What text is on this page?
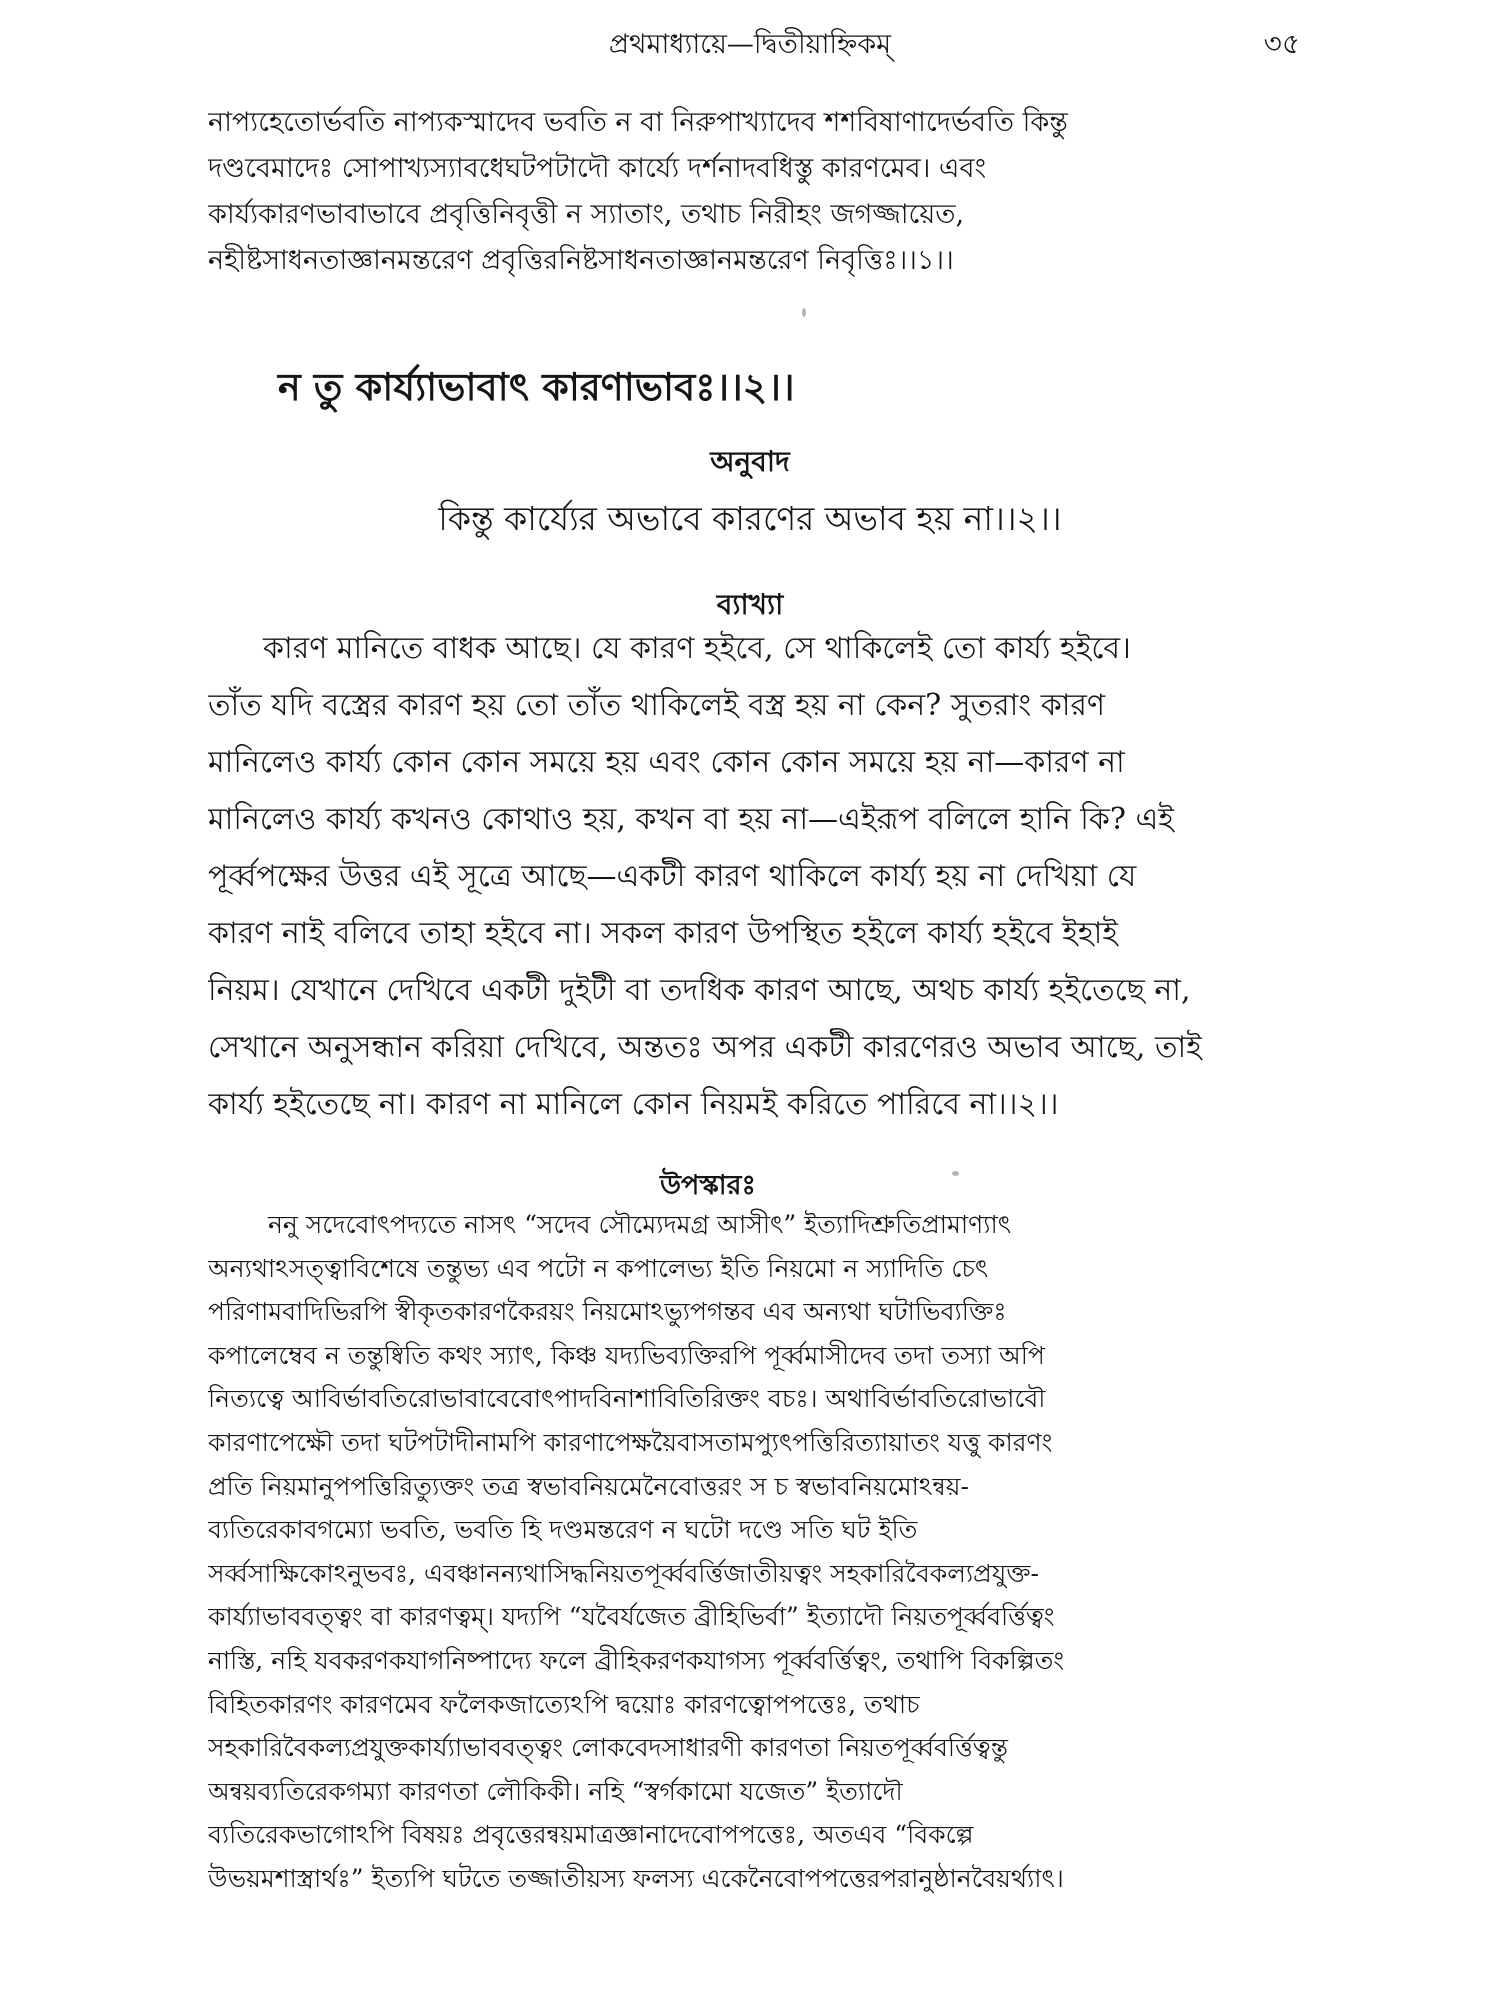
প্রথমাধ্যায়ে—দ্বিতীয়াহ্নিকম্	৩৫
নাপ্যহেতোর্ভবতি নাপ্যকস্মাদেব ভবতি ন বা নিরুপাখ্যাদেব শশবিষাণাদের্ভবতি কিন্তু
দণ্ডবেমাদেঃ সোপাখ্যস্যাবধেঘটপটাদৌ কার্য্যে দর্শনাদবধিস্তু কারণমেব। এবং
কার্য্যকারণভাবাভাবে প্রবৃত্তিনিবৃত্তী ন স্যাতাং, তথাচ নিরীহং জগজ্জায়েত,
নহীষ্টসাধনতাজ্ঞানমন্তরেণ প্রবৃত্তিরনিষ্টসাধনতাজ্ঞানমন্তরেণ নিবৃত্তিঃ।।১।।
ন তু কার্য্যাভাবাৎ কারণাভাবঃ।।২।।
অনুবাদ
কিন্তু কার্য্যের অভাবে কারণের অভাব হয় না।।২।।
ব্যাখ্যা
কারণ মানিতে বাধক আছে। যে কারণ হইবে, সে থাকিলেই তো কার্য্য হইবে।
তাঁত যদি বস্ত্রের কারণ হয় তো তাঁত থাকিলেই বস্ত্র হয় না কেন? সুতরাং কারণ
মানিলেও কার্য্য কোন কোন সময়ে হয় এবং কোন কোন সময়ে হয় না—কারণ না
মানিলেও কার্য্য কখনও কোথাও হয়, কখন বা হয় না—এইরূপ বলিলে হানি কি? এই
পূর্ব্বপক্ষের উত্তর এই সূত্রে আছে—একটী কারণ থাকিলে কার্য্য হয় না দেখিয়া যে
কারণ নাই বলিবে তাহা হইবে না। সকল কারণ উপস্থিত হইলে কার্য্য হইবে ইহাই
নিয়ম। যেখানে দেখিবে একটী দুইটী বা তদধিক কারণ আছে, অথচ কার্য্য হইতেছে না,
সেখানে অনুসন্ধান করিয়া দেখিবে, অন্ততঃ অপর একটী কারণেরও অভাব আছে, তাই
কার্য্য হইতেছে না। কারণ না মানিলে কোন নিয়মই করিতে পারিবে না।।২।।
উপস্কারঃ
ননু সদেবোৎপদ্যতে নাসৎ “সদেব সৌম্যেদমগ্র আসীৎ” ইত্যাদিশ্রুতিপ্রামাণ্যাৎ
অন্যথাঽসত্ত্বাবিশেষে তন্তুভ্য এব পটো ন কপালেভ্য ইতি নিয়মো ন স্যাদিতি চেৎ
পরিণামবাদিভিরপি স্বীকৃতকারণকৈরয়ং নিয়মোঽভ্যুপগন্তব এব অন্যথা ঘটাভিব্যক্তিঃ
কপালেম্বেব ন তন্তুষ্বিতি কথং স্যাৎ, কিঞ্চ যদ্যভিব্যক্তিরপি পূর্ব্বমাসীদেব তদা তস্যা অপি
নিত্যত্বে আবির্ভাবতিরোভাবাবেবোৎপাদবিনাশাবিতিরিক্তং বচঃ। অথাবির্ভাবতিরোভাবৌ
কারণাপেক্ষৌ তদা ঘটপটাদীনামপি কারণাপেক্ষয়ৈবাসতামপ্যুৎপত্তিরিত্যায়াতং যত্তু কারণং
প্রতি নিয়মানুপপত্তিরিত্যুক্তং তত্র স্বভাবনিয়মেনৈবোত্তরং স চ স্বভাবনিয়মোঽন্বয়-
ব্যতিরেকাবগম্যো ভবতি, ভবতি হি দণ্ডমন্তরেণ ন ঘটো দণ্ডে সতি ঘট ইতি
সর্ব্বসাক্ষিকোঽনুভবঃ, এবঞ্চানন্যথাসিদ্ধনিয়তপূর্ব্ববর্ত্তিজাতীয়ত্বং সহকারিবৈকল্যপ্রযুক্ত-
কার্য্যাভাববত্ত্বং বা কারণত্বম্। যদ্যপি “যবৈর্যজেত ব্রীহিভির্বা” ইত্যাদৌ নিয়তপূর্ব্ববর্ত্তিত্বং
নাস্তি, নহি যবকরণকযাগনিষ্পাদ্যে ফলে ব্রীহিকরণকযাগস্য পূর্ব্ববর্ত্তিত্বং, তথাপি বিকল্পিতং
বিহিতকারণং কারণমেব ফলৈকজাত্যেঽপি দ্বয়োঃ কারণত্বোপপত্তেঃ, তথাচ
সহকারিবৈকল্যপ্রযুক্তকার্য্যাভাববত্ত্বং লোকবেদসাধারণী কারণতা নিয়তপূর্ব্ববর্ত্তিত্বন্তু
অন্বয়ব্যতিরেকগম্যা কারণতা লৌকিকী। নহি “স্বর্গকামো যজেত” ইত্যাদৌ
ব্যতিরেকভাগোঽপি বিষয়ঃ প্রবৃত্তেরন্বয়মাত্রজ্ঞানাদেবোপপত্তেঃ, অতএব “বিকল্পে
উভয়মশাস্ত্রার্থঃ” ইত্যপি ঘটতে তজ্জাতীয়স্য ফলস্য একেনৈবোপপত্তেরপরানুষ্ঠানবৈয়র্থ্যাৎ।
